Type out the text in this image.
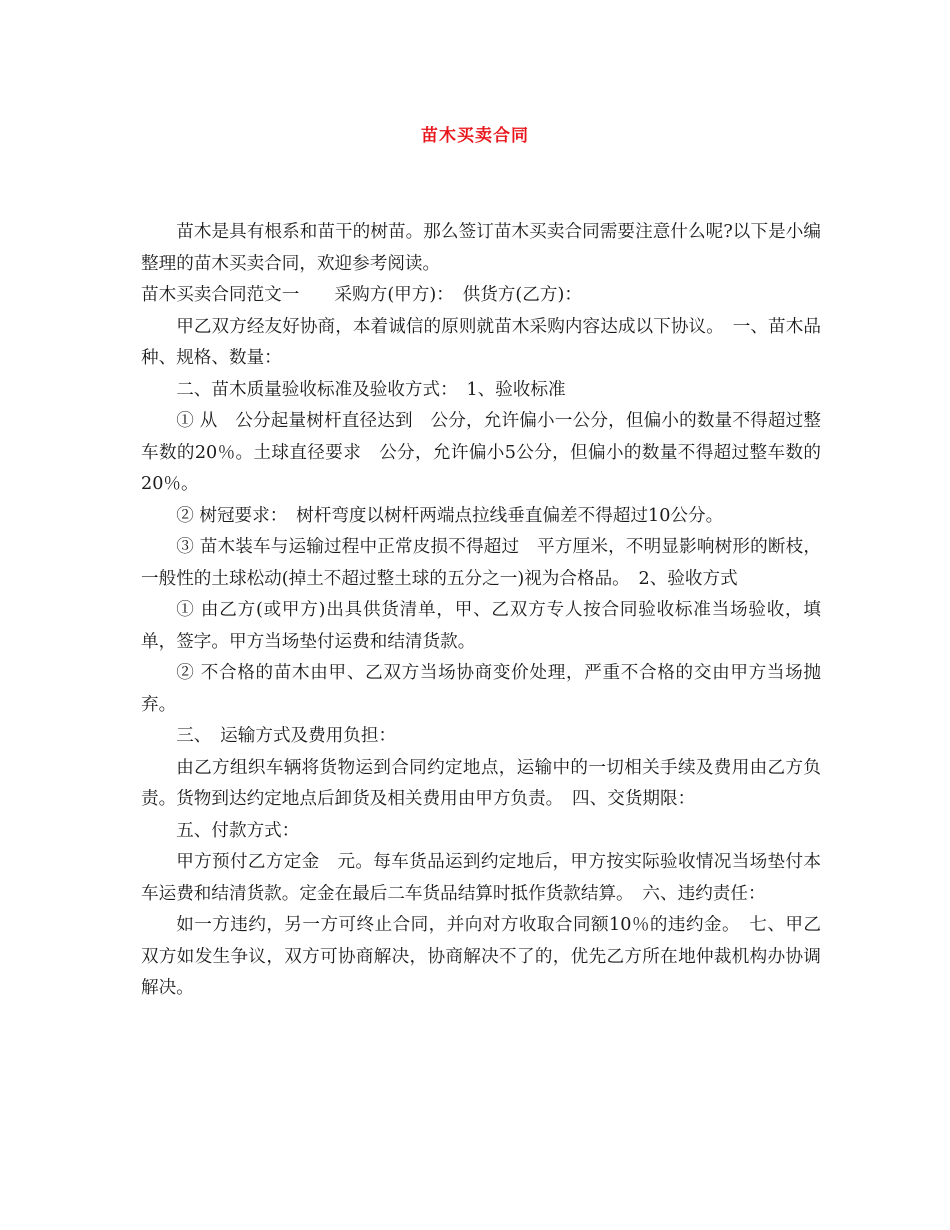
苗木买卖合同

苗木是具有根系和苗干的树苗。那么签订苗木买卖合同需要注意什么呢?以下是小编整理的苗木买卖合同，欢迎参考阅读。

苗木买卖合同范文一　　采购方(甲方)：　供货方(乙方)：

甲乙双方经友好协商，本着诚信的原则就苗木采购内容达成以下协议。　一、苗木品种、规格、数量：

二、苗木质量验收标准及验收方式：　1、验收标准

① 从　公分起量树杆直径达到　公分，允许偏小一公分，但偏小的数量不得超过整车数的20％。土球直径要求　公分，允许偏小5公分，但偏小的数量不得超过整车数的20％。

② 树冠要求：　树杆弯度以树杆两端点拉线垂直偏差不得超过10公分。

③ 苗木装车与运输过程中正常皮损不得超过　平方厘米，不明显影响树形的断枝，一般性的土球松动(掉土不超过整土球的五分之一)视为合格品。　2、验收方式

① 由乙方(或甲方)出具供货清单，甲、乙双方专人按合同验收标准当场验收，填单，签字。甲方当场垫付运费和结清货款。

② 不合格的苗木由甲、乙双方当场协商变价处理，严重不合格的交由甲方当场抛弃。

三、　运输方式及费用负担：

由乙方组织车辆将货物运到合同约定地点，运输中的一切相关手续及费用由乙方负责。货物到达约定地点后卸货及相关费用由甲方负责。　四、交货期限：

五、付款方式：

甲方预付乙方定金　元。每车货品运到约定地后，甲方按实际验收情况当场垫付本车运费和结清货款。定金在最后二车货品结算时抵作货款结算。　六、违约责任：

如一方违约，另一方可终止合同，并向对方收取合同额10％的违约金。　七、甲乙双方如发生争议，双方可协商解决，协商解决不了的，优先乙方所在地仲裁机构办协调解决。
